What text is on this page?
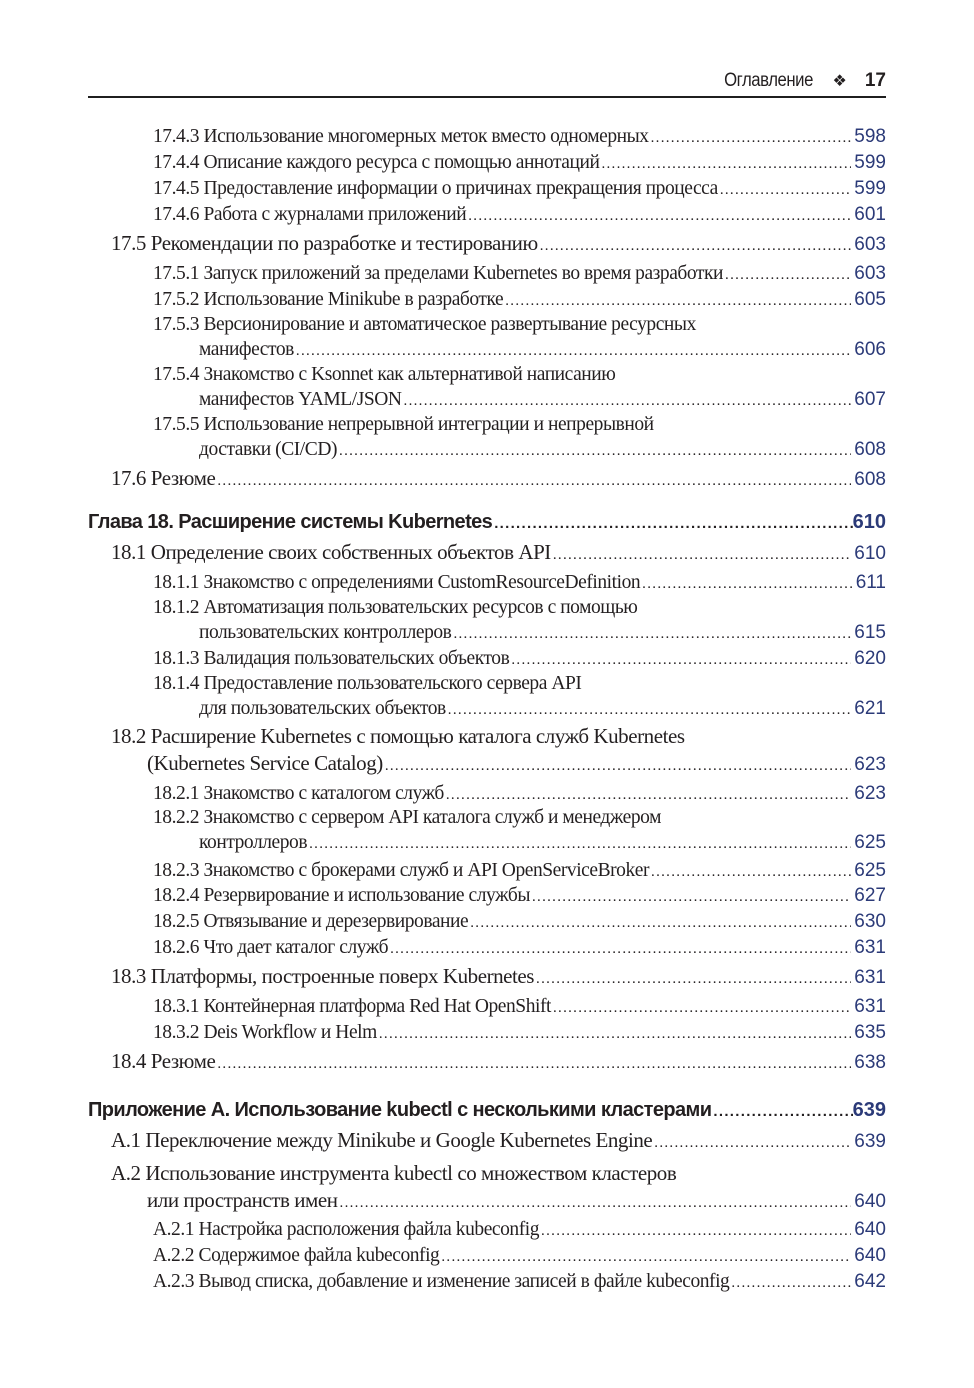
Оглавление ❖ 17
17.4.3 Использование многомерных меток вместо одномерных .....	598
17.4.4 Описание каждого ресурса с помощью аннотаций .....	599
17.4.5 Предоставление информации о причинах прекращения процесса .....	599
17.4.6 Работа с журналами приложений .....	601
17.5 Рекомендации по разработке и тестированию .....	603
17.5.1 Запуск приложений за пределами Kubernetes во время разработки .....	603
17.5.2 Использование Minikube в разработке .....	605
17.5.3 Версионирование и автоматическое развертывание ресурсных
манифестов .....	606
17.5.4 Знакомство с Ksonnet как альтернативой написанию
манифестов YAML/JSON .....	607
17.5.5 Использование непрерывной интеграции и непрерывной
доставки (CI/CD) .....	608
17.6 Резюме .....	608
Глава 18. Расширение системы Kubernetes .....	610
18.1 Определение своих собственных объектов API .....	610
18.1.1 Знакомство с определениями CustomResourceDefinition .....	611
18.1.2 Автоматизация пользовательских ресурсов с помощью
пользовательских контроллеров .....	615
18.1.3 Валидация пользовательских объектов .....	620
18.1.4 Предоставление пользовательского сервера API
для пользовательских объектов .....	621
18.2 Расширение Kubernetes с помощью каталога служб Kubernetes
(Kubernetes Service Catalog) .....	623
18.2.1 Знакомство с каталогом служб .....	623
18.2.2 Знакомство с сервером API каталога служб и менеджером
контроллеров .....	625
18.2.3 Знакомство с брокерами служб и API OpenServiceBroker .....	625
18.2.4 Резервирование и использование службы .....	627
18.2.5 Отвязывание и дерезервирование .....	630
18.2.6 Что дает каталог служб .....	631
18.3 Платформы, построенные поверх Kubernetes .....	631
18.3.1 Контейнерная платформа Red Hat OpenShift .....	631
18.3.2 Deis Workflow и Helm .....	635
18.4 Резюме .....	638
Приложение A. Использование kubectl с несколькими кластерами .....	639
A.1 Переключение между Minikube и Google Kubernetes Engine .....	639
A.2 Использование инструмента kubectl со множеством кластеров
или пространств имен .....	640
A.2.1 Настройка расположения файла kubeconfig .....	640
A.2.2 Содержимое файла kubeconfig .....	640
A.2.3 Вывод списка, добавление и изменение записей в файле kubeconfig .....	642
